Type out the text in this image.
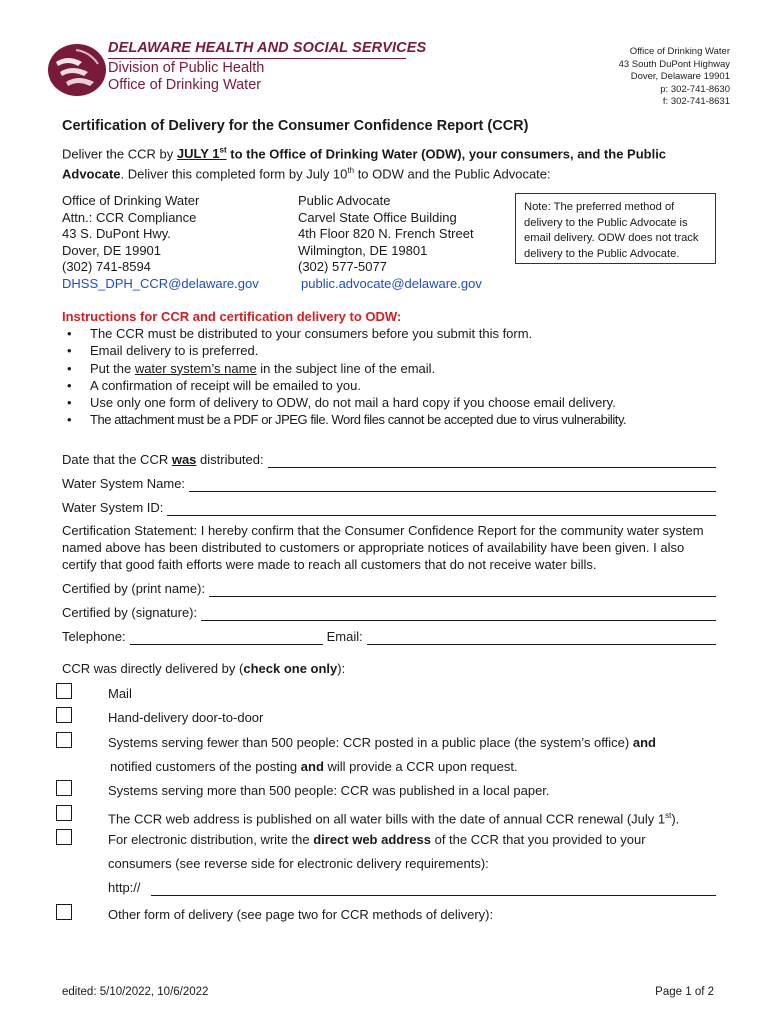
DELAWARE HEALTH AND SOCIAL SERVICES
Division of Public Health
Office of Drinking Water
Office of Drinking Water
43 South DuPont Highway
Dover, Delaware 19901
p: 302-741-8630
f: 302-741-8631
Certification of Delivery for the Consumer Confidence Report (CCR)
Deliver the CCR by JULY 1st to the Office of Drinking Water (ODW), your consumers, and the Public Advocate. Deliver this completed form by July 10th to ODW and the Public Advocate:
Office of Drinking Water
Attn.: CCR Compliance
43 S. DuPont Hwy.
Dover, DE 19901
(302) 741-8594
DHSS_DPH_CCR@delaware.gov
Public Advocate
Carvel State Office Building
4th Floor 820 N. French Street
Wilmington, DE 19801
(302) 577-5077
public.advocate@delaware.gov
Note: The preferred method of delivery to the Public Advocate is email delivery. ODW does not track delivery to the Public Advocate.
Instructions for CCR and certification delivery to ODW:
• The CCR must be distributed to your consumers before you submit this form.
• Email delivery to is preferred.
• Put the water system’s name in the subject line of the email.
• A confirmation of receipt will be emailed to you.
• Use only one form of delivery to ODW, do not mail a hard copy if you choose email delivery.
• The attachment must be a PDF or JPEG file. Word files cannot be accepted due to virus vulnerability.
Date that the CCR was distributed:
Water System Name:
Water System ID:
Certification Statement: I hereby confirm that the Consumer Confidence Report for the community water system named above has been distributed to customers or appropriate notices of availability have been given. I also certify that good faith efforts were made to reach all customers that do not receive water bills.
Certified by (print name):
Certified by (signature):
Telephone:	Email:
CCR was directly delivered by (check one only):
Mail
Hand-delivery door-to-door
Systems serving fewer than 500 people: CCR posted in a public place (the system’s office) and
notified customers of the posting and will provide a CCR upon request.
Systems serving more than 500 people: CCR was published in a local paper.
The CCR web address is published on all water bills with the date of annual CCR renewal (July 1st).
For electronic distribution, write the direct web address of the CCR that you provided to your
consumers (see reverse side for electronic delivery requirements):
http://
Other form of delivery (see page two for CCR methods of delivery):
edited: 5/10/2022, 10/6/2022	Page 1 of 2
